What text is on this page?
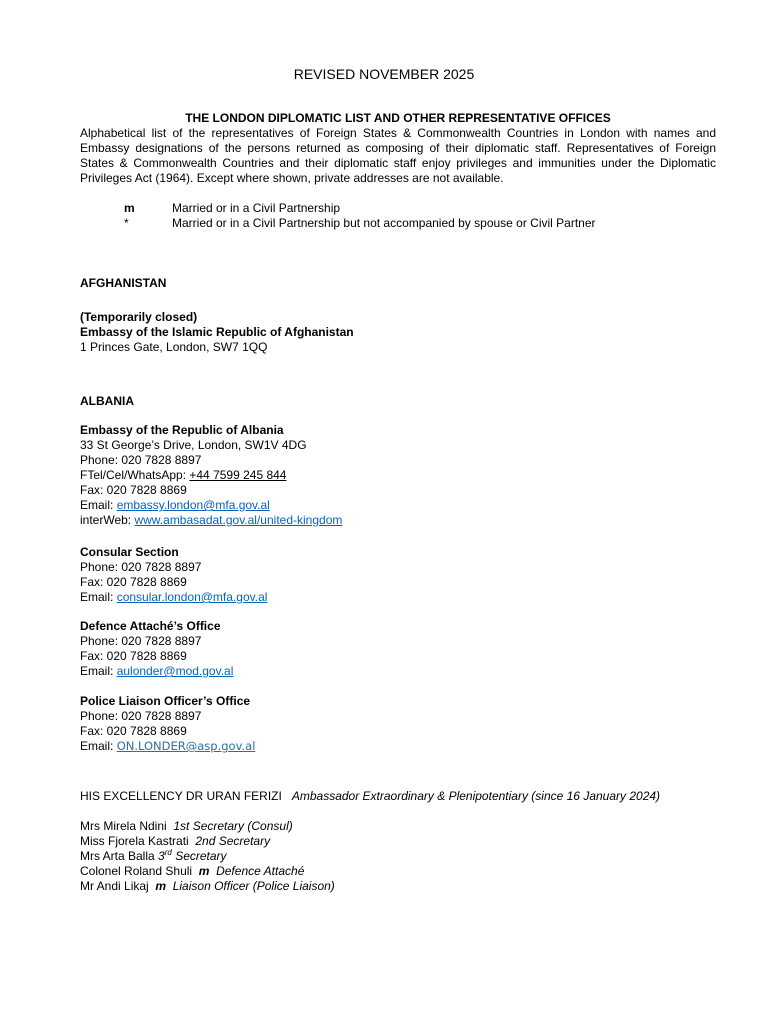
REVISED NOVEMBER 2025
THE LONDON DIPLOMATIC LIST AND OTHER REPRESENTATIVE OFFICES
Alphabetical list of the representatives of Foreign States & Commonwealth Countries in London with names and Embassy designations of the persons returned as composing of their diplomatic staff. Representatives of Foreign States & Commonwealth Countries and their diplomatic staff enjoy privileges and immunities under the Diplomatic Privileges Act (1964). Except where shown, private addresses are not available.
m	Married or in a Civil Partnership
*	Married or in a Civil Partnership but not accompanied by spouse or Civil Partner
AFGHANISTAN
(Temporarily closed)
Embassy of the Islamic Republic of Afghanistan
1 Princes Gate, London, SW7 1QQ
ALBANIA
Embassy of the Republic of Albania
33 St George’s Drive, London, SW1V 4DG
Phone: 020 7828 8897
FTel/Cel/WhatsApp: +44 7599 245 844
Fax: 020 7828 8869
Email: embassy.london@mfa.gov.al
interWeb: www.ambasadat.gov.al/united-kingdom
Consular Section
Phone: 020 7828 8897
Fax: 020 7828 8869
Email: consular.london@mfa.gov.al
Defence Attaché’s Office
Phone: 020 7828 8897
Fax: 020 7828 8869
Email: aulonder@mod.gov.al
Police Liaison Officer’s Office
Phone: 020 7828 8897
Fax: 020 7828 8869
Email: ON.LONDER@asp.gov.al
HIS EXCELLENCY DR URAN FERIZI Ambassador Extraordinary & Plenipotentiary (since 16 January 2024)
Mrs Mirela Ndini 1st Secretary (Consul)
Miss Fjorela Kastrati 2nd Secretary
Mrs Arta Balla 3rd Secretary
Colonel Roland Shuli m Defence Attaché
Mr Andi Likaj m Liaison Officer (Police Liaison)
